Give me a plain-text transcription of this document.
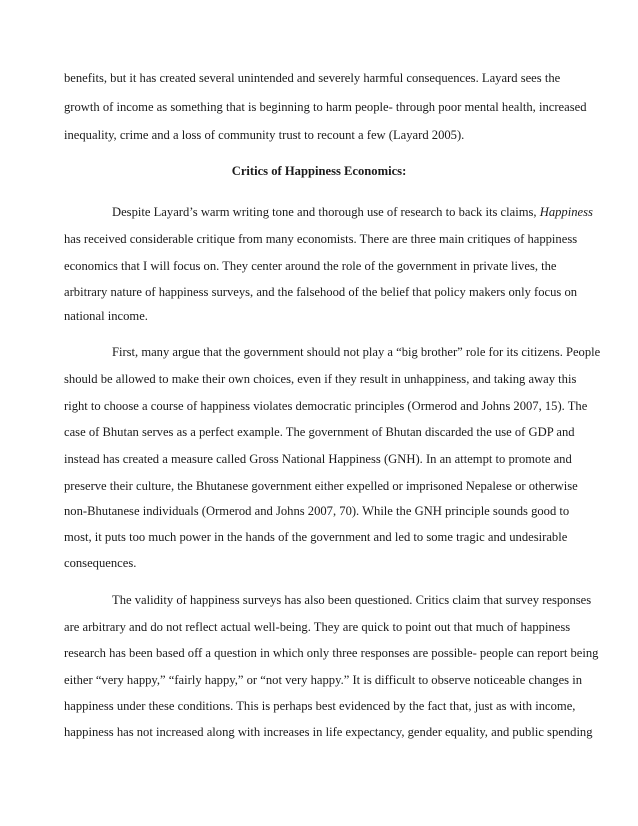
benefits, but it has created several unintended and severely harmful consequences. Layard sees the
growth of income as something that is beginning to harm people- through poor mental health, increased
inequality, crime and a loss of community trust to recount a few (Layard 2005).
Critics of Happiness Economics:
Despite Layard’s warm writing tone and thorough use of research to back its claims, Happiness
has received considerable critique from many economists. There are three main critiques of happiness
economics that I will focus on. They center around the role of the government in private lives, the
arbitrary nature of happiness surveys, and the falsehood of the belief that policy makers only focus on
national income.
First, many argue that the government should not play a “big brother” role for its citizens. People
should be allowed to make their own choices, even if they result in unhappiness, and taking away this
right to choose a course of happiness violates democratic principles (Ormerod and Johns 2007, 15). The
case of Bhutan serves as a perfect example. The government of Bhutan discarded the use of GDP and
instead has created a measure called Gross National Happiness (GNH). In an attempt to promote and
preserve their culture, the Bhutanese government either expelled or imprisoned Nepalese or otherwise
non-Bhutanese individuals (Ormerod and Johns 2007, 70). While the GNH principle sounds good to
most, it puts too much power in the hands of the government and led to some tragic and undesirable
consequences.
The validity of happiness surveys has also been questioned. Critics claim that survey responses
are arbitrary and do not reflect actual well-being. They are quick to point out that much of happiness
research has been based off a question in which only three responses are possible- people can report being
either “very happy,” “fairly happy,” or “not very happy.” It is difficult to observe noticeable changes in
happiness under these conditions. This is perhaps best evidenced by the fact that, just as with income,
happiness has not increased along with increases in life expectancy, gender equality, and public spending
